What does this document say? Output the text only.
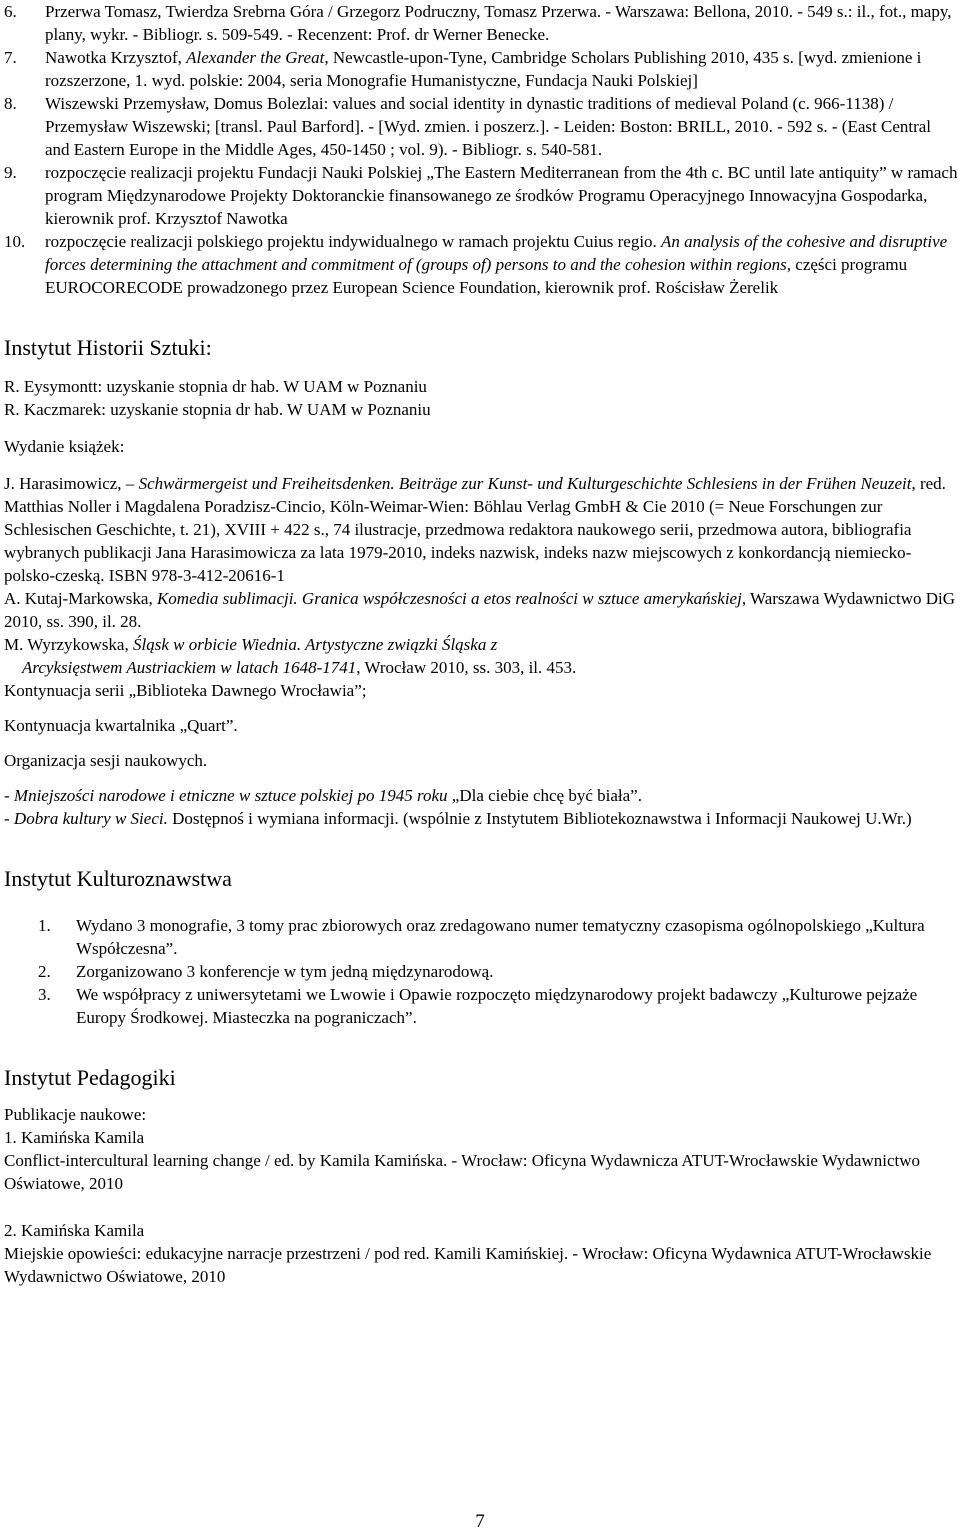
6. Przerwa Tomasz, Twierdza Srebrna Góra / Grzegorz Podruczny, Tomasz Przerwa. - Warszawa: Bellona, 2010. - 549 s.: il., fot., mapy, plany, wykr. - Bibliogr. s. 509-549. - Recenzent: Prof. dr Werner Benecke.
7. Nawotka Krzysztof, Alexander the Great, Newcastle-upon-Tyne, Cambridge Scholars Publishing 2010, 435 s. [wyd. zmienione i rozszerzone, 1. wyd. polskie: 2004, seria Monografie Humanistyczne, Fundacja Nauki Polskiej]
8. Wiszewski Przemysław, Domus Bolezlai: values and social identity in dynastic traditions of medieval Poland (c. 966-1138) / Przemysław Wiszewski; [transl. Paul Barford]. - [Wyd. zmien. i poszerz.]. - Leiden: Boston: BRILL, 2010. - 592 s. - (East Central and Eastern Europe in the Middle Ages, 450-1450 ; vol. 9). - Bibliogr. s. 540-581.
9. rozpoczęcie realizacji projektu Fundacji Nauki Polskiej „The Eastern Mediterranean from the 4th c. BC until late antiquity” w ramach program Międzynarodowe Projekty Doktoranckie finansowanego ze środków Programu Operacyjnego Innowacyjna Gospodarka, kierownik prof. Krzysztof Nawotka
10. rozpoczęcie realizacji polskiego projektu indywidualnego w ramach projektu Cuius regio. An analysis of the cohesive and disruptive forces determining the attachment and commitment of (groups of) persons to and the cohesion within regions, części programu EUROCORECODE prowadzonego przez European Science Foundation, kierownik prof. Rościsław Żerelik
Instytut Historii Sztuki:
R. Eysymontt: uzyskanie stopnia dr hab. W UAM w Poznaniu
R. Kaczmarek: uzyskanie stopnia dr hab. W UAM w Poznaniu
Wydanie książek:
J. Harasimowicz, – Schwärmergeist und Freiheitsdenken. Beiträge zur Kunst- und Kulturgeschichte Schlesiens in der Frühen Neuzeit, red. Matthias Noller i Magdalena Poradzisz-Cincio, Köln-Weimar-Wien: Böhlau Verlag GmbH & Cie 2010 (= Neue Forschungen zur Schlesischen Geschichte, t. 21), XVIII + 422 s., 74 ilustracje, przedmowa redaktora naukowego serii, przedmowa autora, bibliografia wybranych publikacji Jana Harasimowicza za lata 1979-2010, indeks nazwisk, indeks nazw miejscowych z konkordancją niemiecko-polsko-czeską. ISBN 978-3-412-20616-1
A. Kutaj-Markowska, Komedia sublimacji. Granica współczesności a etos realności w sztuce amerykańskiej, Warszawa Wydawnictwo DiG 2010, ss. 390, il. 28.
M. Wyrzykowska, Śląsk w orbicie Wiednia. Artystyczne związki Śląska z
Arcyksięstwem Austriackiem w latach 1648-1741, Wrocław 2010, ss. 303, il. 453.
Kontynuacja serii „Biblioteka Dawnego Wrocławia”;
Kontynuacja kwartalnika „Quart”.
Organizacja sesji naukowych.
- Mniejszości narodowe i etniczne w sztuce polskiej po 1945 roku „Dla ciebie chcę być biała”.
- Dobra kultury w Sieci. Dostępnoś i wymiana informacji. (wspólnie z Instytutem Bibliotekoznawstwa i Informacji Naukowej U.Wr.)
Instytut Kulturoznawstwa
1. Wydano 3 monografie, 3 tomy prac zbiorowych oraz zredagowano numer tematyczny czasopisma ogólnopolskiego „Kultura Współczesna”.
2. Zorganizowano 3 konferencje w tym jedną międzynarodową.
3. We współpracy z uniwersytetami we Lwowie i Opawie rozpoczęto międzynarodowy projekt badawczy „Kulturowe pejzaże Europy Środkowej. Miasteczka na pograniczach”.
Instytut Pedagogiki
Publikacje naukowe:
1. Kamińska Kamila
Conflict-intercultural learning change / ed. by Kamila Kamińska. - Wrocław: Oficyna Wydawnicza ATUT-Wrocławskie Wydawnictwo Oświatowe, 2010
2. Kamińska Kamila
Miejskie opowieści: edukacyjne narracje przestrzeni / pod red. Kamili Kamińskiej. - Wrocław: Oficyna Wydawnica ATUT-Wrocławskie Wydawnictwo Oświatowe, 2010
7
